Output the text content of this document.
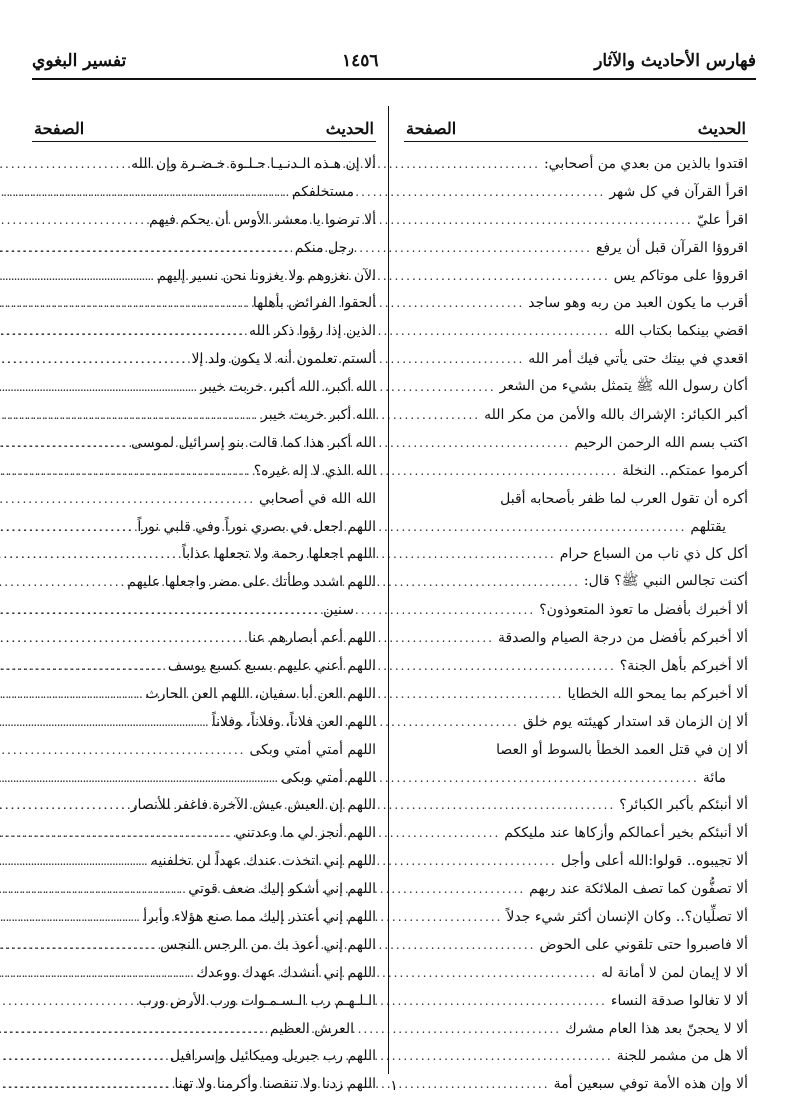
فهارس الأحاديث والآثار
١٤٥٦
تفسير البغوي
الحديث
الصفحة
اقتدوا بالذين من بعدي من أصحابي:
.....
اقرأ القرآن في كل شهر
.....
اقرأ عليّ
.....
اقروؤا القرآن قبل أن يرفع
.....
اقروؤا على موتاكم يس
.....
أقرب ما يكون العبد من ربه وهو ساجد
.....
اقضي بينكما بكتاب الله
.....
اقعدي في بيتك حتى يأتي فيك أمر الله
.....
أكان رسول الله ﷺ يتمثل بشيء من الشعر
.....
أكبر الكبائر: الإشراك بالله والأمن من مكر الله
.....
اكتب بسم الله الرحمن الرحيم
.....
أكرموا عمتكم.. النخلة
.....
أكره أن تقول العرب لما ظفر بأصحابه أقبل
يقتلهم
.....
أكل كل ذي ناب من السباع حرام
.....
أكنت تجالس النبي ﷺ؟ قال:
.....
ألا أخبرك بأفضل ما تعوذ المتعوذون؟
.....
ألا أخبركم بأفضل من درجة الصيام والصدقة
.....
ألا أخبركم بأهل الجنة؟
.....
ألا أخبركم بما يمحو الله الخطايا
.....
ألا إن الزمان قد استدار كهيئته يوم خلق
.....
ألا إن في قتل العمد الخطأ بالسوط أو العصا
مائة
.....
ألا أنبئكم بأكبر الكبائر؟
.....
ألا أنبئكم بخير أعمالكم وأزكاها عند مليككم
.....
ألا تجيبوه.. قولوا:الله أعلى وأجل
.....
ألا تصفُّون كما تصف الملائكة عند ربهم
.....
ألا تصلِّيان؟.. وكان الإنسان أكثر شيء جدلاً
.....
ألا فاصبروا حتى تلقوني على الحوض
.....
ألا لا إيمان لمن لا أمانة له
.....
ألا لا تغالوا صدقة النساء
.....
ألا لا يحجنّ بعد هذا العام مشرك
.....
ألا هل من مشمر للجنة
.....
ألا وإن هذه الأمة توفي سبعين أمة
.....
الحديث
الصفحة
ألا إن هـذه الـدنـيـا حـلـوة خـضـرة وإن الله
مستخلفكم
.....
ألا ترضوا يا معشر الأوس أن يحكم فيهم
رجل منكم
.....
الآن نغزوهم ولا يغزونا نحن نسير إليهم
.....
ألحقوا الفرائض بأهلها
.....
الذين إذا رؤوا ذكر الله
.....
ألستم تعلمون أنه لا يكون ولد إلا
.....
الله أكبر، الله أكبر، خربت خيبر
.....
الله أكبر خربت خيبر
.....
الله أكبر هذا كما قالت بنو إسرائيل لموسى
.....
الله الذي لا إله غيره؟
.....
الله الله في أصحابي
.....
اللهم اجعل في بصري نوراً وفي قلبي نوراً
.....
اللهم اجعلها رحمة ولا تجعلها عذاباً
.....
اللهم اشدد وطأتك على مضر واجعلها عليهم
سنين
.....
اللهم أعم أبصارهم عنا
.....
اللهم أعني عليهم بسبع كسبع يوسف
.....
اللهم العن أبا سفيان، اللهم العن الحارث
.....
اللهم العن فلاناً، وفلاناً، وفلاناً
.....
اللهم أمتي أمتي وبكى
.....
اللهم أمتي وبكى
.....
اللهم إن العيش عيش الآخرة فاغفر للأنصار
.....
اللهم أنجز لي ما وعدتني
.....
اللهم إني اتخذت عندك عهداً لن تخلفنيه
.....
اللهم إني أشكو إليك ضعف قوتي
.....
اللهم إني أعتذر إليك مما صنع هؤلاء وأبرأ
.....
اللهم إني أعوذ بك من الرجس النجس
.....
اللهم إني أنشدك عهدك ووعدك
.....
الـلـهـم رب الـسـمـوات ورب الأرض ورب
العرش العظيم
.....
اللهم رب جبريل وميكائيل وإسرافيل
.....
اللهم زدنا ولا تنقصنا وأكرمنا ولا تهنا
.....	١
